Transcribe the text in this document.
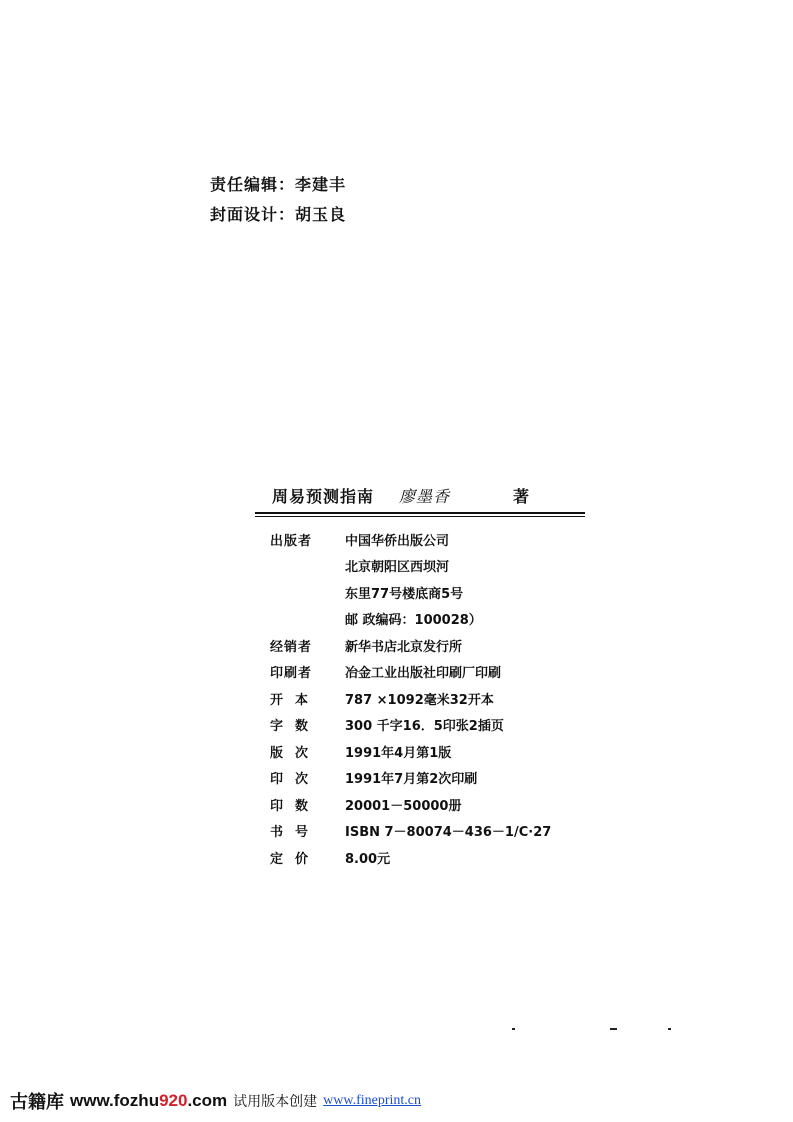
责任编辑： 李建丰
封面设计： 胡玉良
周易预测指南 廖墨香	著
出版者	中国华侨出版公司
北京朝阳区西坝河
东里77号楼底商5号
邮 政编码：100028）
经销者	新华书店北京发行所
印刷者	冶金工业出版社印刷厂印刷
开  本	787 ×1092毫米32开本
字  数	300 千字16．5印张2插页
版  次	1991年4月第1版
印  次	1991年7月第2次印刷
印  数	20001－50000册
书  号	ISBN 7－80074－436－1/C·27
定  价	8.00元
古籍库 www.fozhu920.com 试用版本创建 www.fineprint.cn
